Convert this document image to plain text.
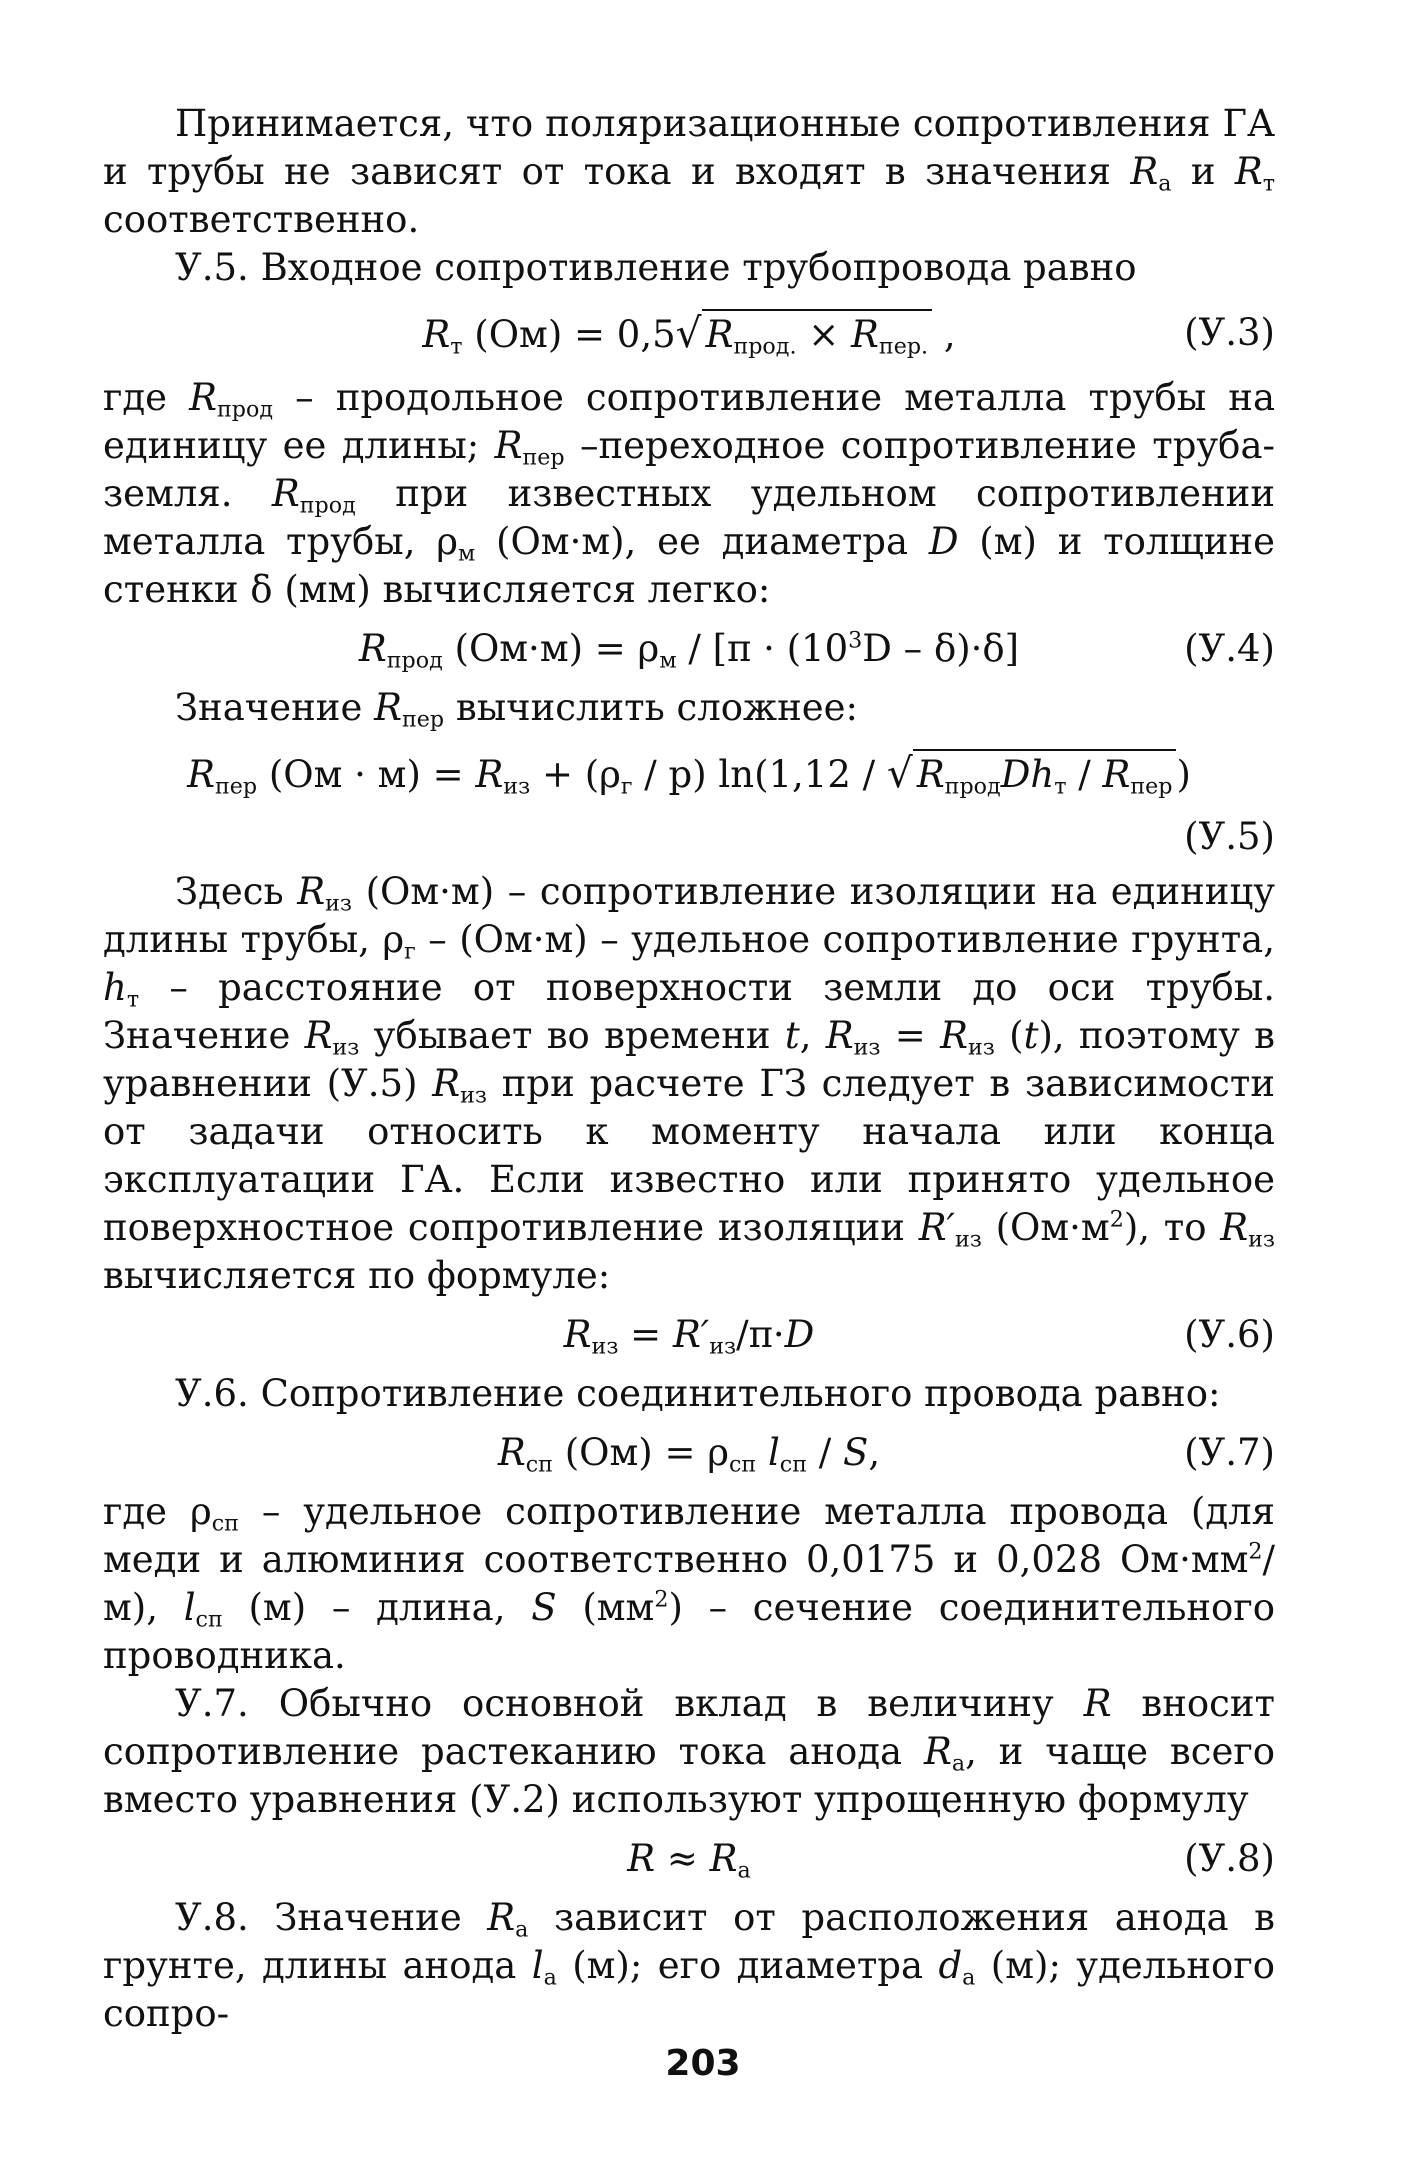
Принимается, что поляризационные сопротивления ГА и трубы не зависят от тока и входят в значения $R_а$ и $R_т$ соответственно.

У.5. Входное сопротивление трубопровода равно

$R_т$ (Ом) = 0,5√ $R_{прод.} \times R_{пер.}$ ,	(У.3)

где $R_{прод}$ – продольное сопротивление металла трубы на единицу ее длины; $R_{пер}$ –переходное сопротивление труба-земля. $R_{прод}$ при известных удельном сопротивлении металла трубы, $\rho_м$ (Ом·м), ее диаметра D (м) и толщине стенки δ (мм) вычисляется легко:

$R_{прод}$ $(Ом\cdot м) = \rho_м / [\pi \cdot (10^3D - \delta)\cdot\delta]$	(У.4)

Значение $R_{пер}$ вычислить сложнее:

$R_{пер}$ $(Ом \cdot м) = R_{из} + (\rho_г / p)$ ln(1,12 / √ $R_{прод}Dh_т / R_{пер}$ )
(У.5)

Здесь $R_{из}$ (Ом·м) – сопротивление изоляции на единицу длины трубы, $\rho_г - (Ом\cdot м)$ – удельное сопротивление грунта, $h_т$ – расстояние от поверхности земли до оси трубы. Значение $R_{из}$ убывает во времени t, $R_{из} = R_{из}$ (t), поэтому в уравнении (У.5) $R_{из}$ при расчете ГЗ следует в зависимости от задачи относить к моменту начала или конца эксплуатации ГА. Если известно или принято удельное поверхностное сопротивление изоляции $R'_{из}$ $(Ом\cdot м^2)$, то $R_{из}$ вычисляется по формуле:

$R_{из} = R'_{из}/\pi\cdot D$	(У.6)

У.6. Сопротивление соединительного провода равно:

$R_{сп}$ $(Ом) = \rho_{сп}$ $l_{сп}$ / S,	(У.7)

где $\rho_{сп}$ – удельное сопротивление металла провода (для меди и алюминия соответственно 0,0175 и 0,028 $Ом\cdot мм^2/м$), $l_{сп}$ (м) – длина, S $(мм^2)$ – сечение соединительного проводника.

У.7. Обычно основной вклад в величину R вносит сопротивление растеканию тока анода $R_а$, и чаще всего вместо уравнения (У.2) используют упрощенную формулу

$R \approx R_а$	(У.8)

У.8. Значение $R_а$ зависит от расположения анода в грунте, длины анода $l_а$ (м); его диаметра $d_а$ (м); удельного сопро-

203
